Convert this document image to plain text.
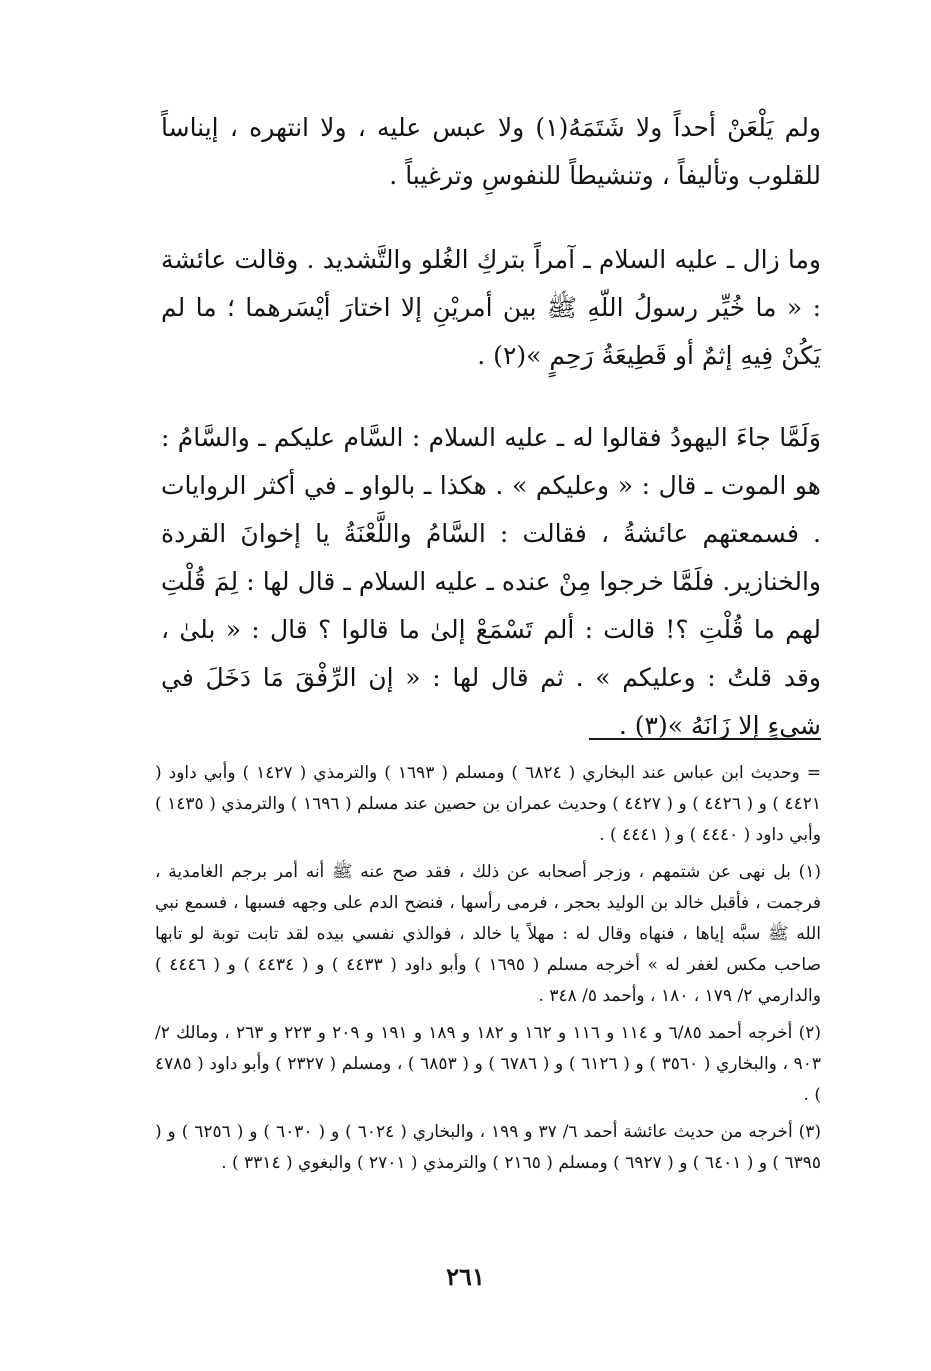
ولم يَلْعَنْ أحداً ولا شَتَمَهُ(١) ولا عبس عليه ، ولا انتهره ، إيناساً للقلوب وتأليفاً ، وتنشيطاً للنفوسِ وترغيباً .

وما زال ـ عليه السلام ـ آمراً بتركِ الغُلو والتَّشديد . وقالت عائشة : « ما خُيِّر رسولُ اللّهِ ﷺ بين أمريْنِ إلا اختارَ أيْسَرهما ؛ ما لم يَكُنْ فِيهِ إثمٌ أو قَطِيعَةُ رَحِمٍ »(٢) .

وَلَمَّا جاءَ اليهودُ فقالوا له ـ عليه السلام : السَّام عليكم ـ والسَّامُ : هو الموت ـ قال : « وعليكم » . هكذا ـ بالواو ـ في أكثر الروايات . فسمعتهم عائشةُ ، فقالت : السَّامُ واللَّعْنَةُ يا إخوانَ القردة والخنازير. فلَمَّا خرجوا مِنْ عنده ـ عليه السلام ـ قال لها : لِمَ قُلْتِ لهم ما قُلْتِ ؟! قالت : ألم تَسْمَعْ إلىٰ ما قالوا ؟ قال : « بلىٰ ، وقد قلتُ : وعليكم » . ثم قال لها : « إن الرِّفْقَ مَا دَخَلَ في شيءٍ إلا زَانَهُ »(٣) .

= وحديث ابن عباس عند البخاري ( ٦٨٢٤ ) ومسلم ( ١٦٩٣ ) والترمذي ( ١٤٢٧ ) وأبي داود ( ٤٤٢١ ) و ( ٤٤٢٦ ) و ( ٤٤٢٧ ) وحديث عمران بن حصين عند مسلم ( ١٦٩٦ ) والترمذي ( ١٤٣٥ ) وأبي داود ( ٤٤٤٠ ) و ( ٤٤٤١ ) .

(١) بل نهى عن شتمهم ، وزجر أصحابه عن ذلك ، فقد صح عنه ﷺ أنه أمر برجم الغامدية ، فرجمت ، فأقبل خالد بن الوليد بحجر ، فرمى رأسها ، فنضح الدم على وجهه فسبها ، فسمع نبي الله ﷺ سبَّه إياها ، فنهاه وقال له : مهلاً يا خالد ، فوالذي نفسي بيده لقد تابت توبة لو تابها صاحب مكس لغفر له » أخرجه مسلم ( ١٦٩٥ ) وأبو داود ( ٤٤٣٣ ) و ( ٤٤٣٤ ) و ( ٤٤٤٦ ) والدارمي ٢/ ١٧٩ ، ١٨٠ ، وأحمد ٥/ ٣٤٨ .

(٢) أخرجه أحمد ٦/٨٥ و ١١٤ و ١١٦ و ١٦٢ و ١٨٢ و ١٨٩ و ١٩١ و ٢٠٩ و ٢٢٣ و ٢٦٣ ، ومالك ٢/ ٩٠٣ ، والبخاري ( ٣٥٦٠ ) و ( ٦١٢٦ ) و ( ٦٧٨٦ ) و ( ٦٨٥٣ ) ، ومسلم ( ٢٣٢٧ ) وأبو داود ( ٤٧٨٥ ) .

(٣) أخرجه من حديث عائشة أحمد ٦/ ٣٧ و ١٩٩ ، والبخاري ( ٦٠٢٤ ) و ( ٦٠٣٠ ) و ( ٦٢٥٦ ) و ( ٦٣٩٥ ) و ( ٦٤٠١ ) و ( ٦٩٢٧ ) ومسلم ( ٢١٦٥ ) والترمذي ( ٢٧٠١ ) والبغوي ( ٣٣١٤ ) .

٢٦١
